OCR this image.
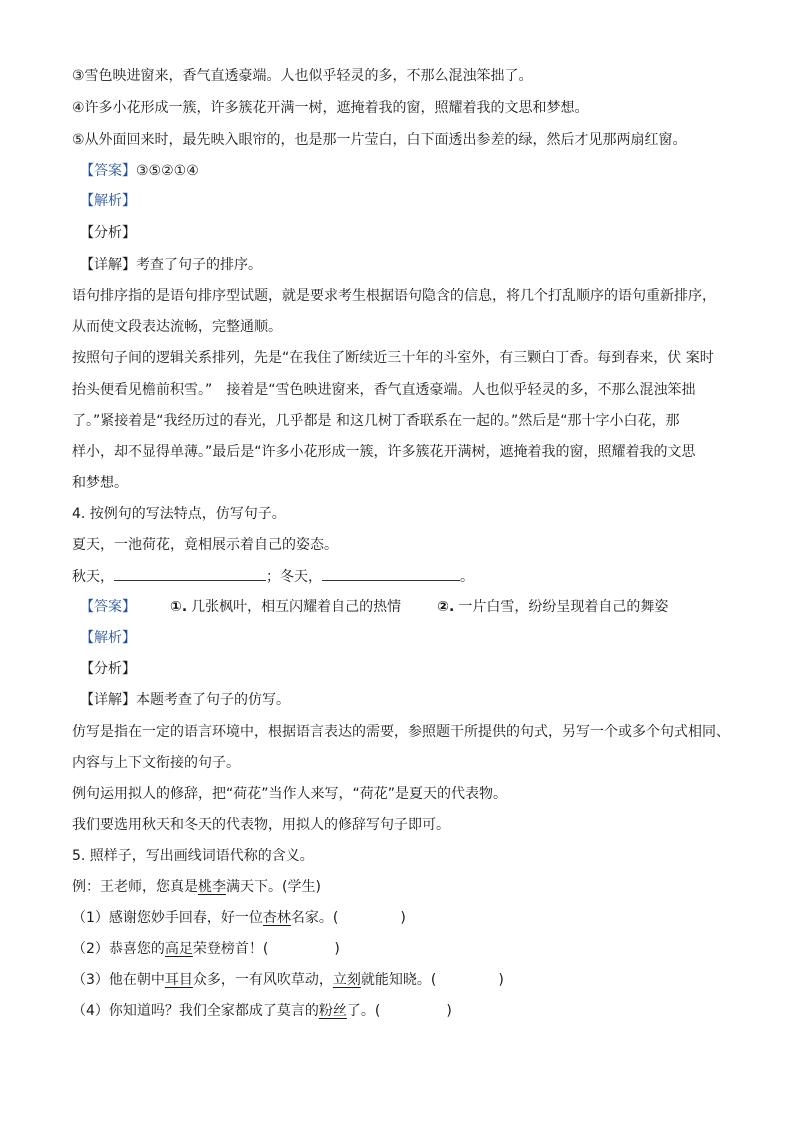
③雪色映进窗来，香气直透豪端。人也似乎轻灵的多，不那么混浊笨拙了。
④许多小花形成一簇，许多簇花开满一树，遮掩着我的窗，照耀着我的文思和梦想。
⑤从外面回来时，最先映入眼帘的，也是那一片莹白，白下面透出参差的绿，然后才见那两扇红窗。
【答案】③⑤②①④
【解析】
【分析】
【详解】考查了句子的排序。
语句排序指的是语句排序型试题，就是要求考生根据语句隐含的信息，将几个打乱顺序的语句重新排序，
从而使文段表达流畅，完整通顺。
按照句子间的逻辑关系排列，先是“在我住了断续近三十年的斗室外，有三颗白丁香。每到春来，伏 案时
抬头便看见檐前积雪。”　接着是“雪色映进窗来，香气直透豪端。人也似乎轻灵的多，不那么混浊笨拙
了。”紧接着是“我经历过的春光，几乎都是 和这几树丁香联系在一起的。”然后是“那十字小白花，那
样小，却不显得单薄。”最后是“许多小花形成一簇，许多簇花开满树，遮掩着我的窗，照耀着我的文思
和梦想。
4. 按例句的写法特点，仿写句子。
夏天，一池荷花，竟相展示着自己的姿态。
秋天，	；冬天，	。
【答案】 ①. 几张枫叶，相互闪耀着自己的热情	②. 一片白雪，纷纷呈现着自己的舞姿
【解析】
【分析】
【详解】本题考查了句子的仿写。
仿写是指在一定的语言环境中，根据语言表达的需要，参照题干所提供的句式，另写一个或多个句式相同、
内容与上下文衔接的句子。
例句运用拟人的修辞，把“荷花”当作人来写，“荷花”是夏天的代表物。
我们要选用秋天和冬天的代表物，用拟人的修辞写句子即可。
5. 照样子，写出画线词语代称的含义。
例：王老师，您真是桃李满天下。(学生)
（1）感谢您妙手回春，好一位杏林名家。(	)
（2）恭喜您的高足荣登榜首！(	)
（3）他在朝中耳目众多，一有风吹草动，立刻就能知晓。(	)
（4）你知道吗？我们全家都成了莫言的粉丝了。(	)
